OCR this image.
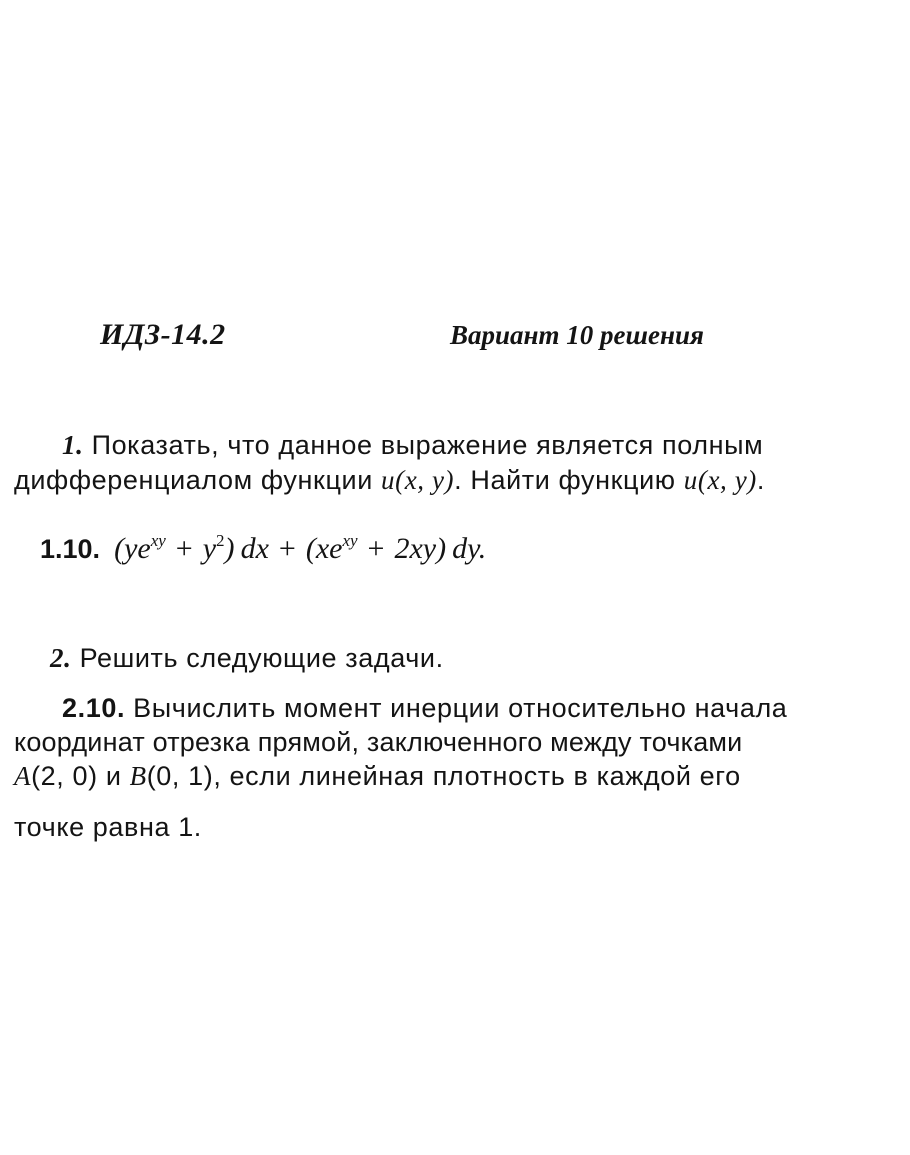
ИДЗ-14.2	Вариант 10 решения
1. Показать, что данное выражение является полным
дифференциалом функции u(x, y). Найти функцию u(x, y).
1.10. $(ye^{xy} + y^2)$  dx + $(xe^{xy} + 2xy)$  dy.
2. Решить следующие задачи.
2.10. Вычислить момент инерции относительно начала
координат отрезка прямой, заключенного между точками
A(2, 0) и B(0, 1), если линейная плотность в каждой его
точке равна 1.
